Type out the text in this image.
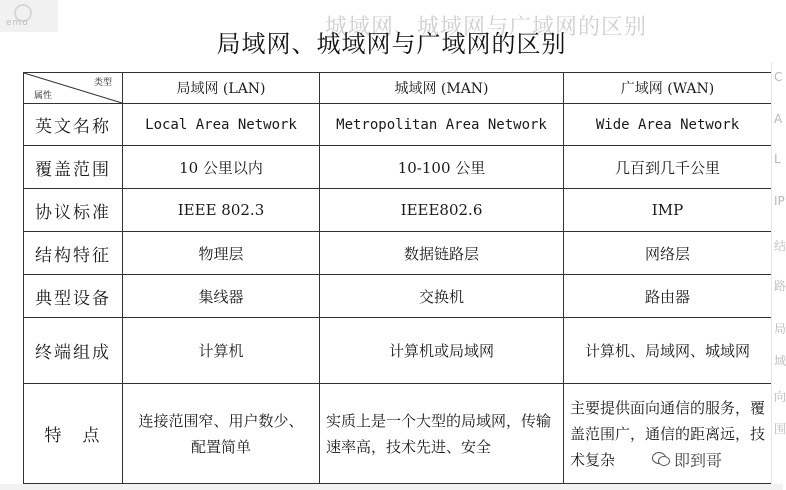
emo	城域网、城域网与广域网的区别
局域网、城域网与广域网的区别
类型
属性	局域网 (LAN)	城域网 (MAN)	广域网 (WAN)
英文名称	Local Area Network	Metropolitan Area Network	Wide Area Network
覆盖范围	10 公里以内	10-100 公里	几百到几千公里
协议标准	IEEE 802.3	IEEE802.6	IMP
结构特征	物理层	数据链路层	网络层
典型设备	集线器	交换机	路由器
终端组成	计算机	计算机或局域网	计算机、局域网、城域网
特　点	连接范围窄、用户数少、配置简单	实质上是一个大型的局域网，传输速率高，技术先进、安全	主要提供面向通信的服务，覆盖范围广，通信的距离远，技术复杂
C
A
L
IP
结
路
局
域
向
围
即到哥
